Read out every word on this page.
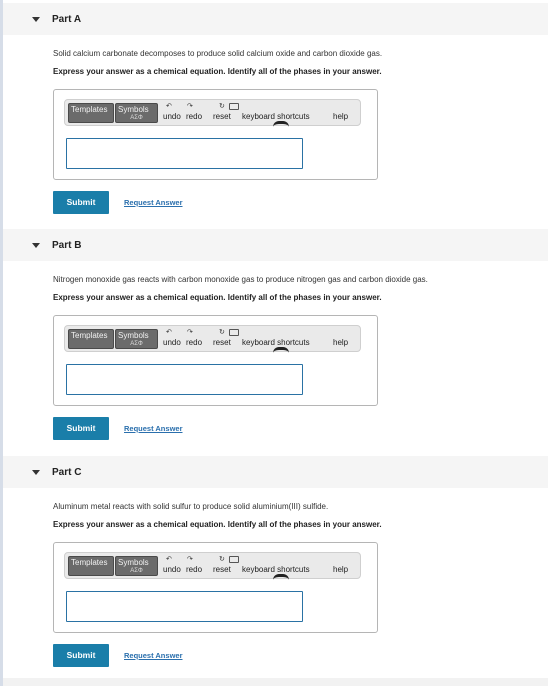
Part A

Solid calcium carbonate decomposes to produce solid calcium oxide and carbon dioxide gas.

Express your answer as a chemical equation. Identify all of the phases in your answer.

Templates	Symbols
ΑΣΦ
↶
undo
↷
redo
↻
reset keyboard shortcuts	help
Submit	Request Answer
Part B

Nitrogen monoxide gas reacts with carbon monoxide gas to produce nitrogen gas and carbon dioxide gas.

Express your answer as a chemical equation. Identify all of the phases in your answer.

Templates	Symbols
ΑΣΦ
↶
undo
↷
redo
↻
reset keyboard shortcuts	help
Submit	Request Answer
Part C

Aluminum metal reacts with solid sulfur to produce solid aluminium(III) sulfide.

Express your answer as a chemical equation. Identify all of the phases in your answer.

Templates	Symbols
ΑΣΦ
↶
undo
↷
redo
↻
reset keyboard shortcuts	help
Submit	Request Answer
